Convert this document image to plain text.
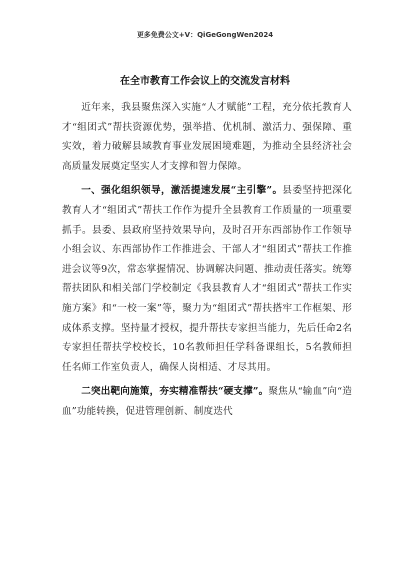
更多免费公文+V：QiGeGongWen2024
在全市教育工作会议上的交流发言材料

近年来，我县聚焦深入实施“人才赋能”工程，充分依托教育人才“组团式”帮扶资源优势，强举措、优机制、激活力、强保障、重实效，着力破解县域教育事业发展困境难题，为推动全县经济社会高质量发展奠定坚实人才支撑和智力保障。

一、强化组织领导，激活提速发展“主引擎”。县委坚持把深化教育人才“组团式”帮扶工作作为提升全县教育工作质量的一项重要抓手。县委、县政府坚持效果导向，及时召开东西部协作工作领导小组会议、东西部协作工作推进会、干部人才“组团式”帮扶工作推进会议等9次，常态掌握情况、协调解决问题、推动责任落实。统筹帮扶团队和相关部门学校制定《我县教育人才“组团式”帮扶工作实施方案》和“一校一案”等，聚力为“组团式”帮扶搭牢工作框架、形成体系支撑。坚持量才授权，提升帮扶专家担当能力，先后任命2名专家担任帮扶学校校长，10名教师担任学科备课组长，5名教师担任名师工作室负责人，确保人岗相适、才尽其用。

二突出靶向施策，夯实精准帮扶“硬支撑”。聚焦从“输血”向“造血”功能转换，促进管理创新、制度迭代
